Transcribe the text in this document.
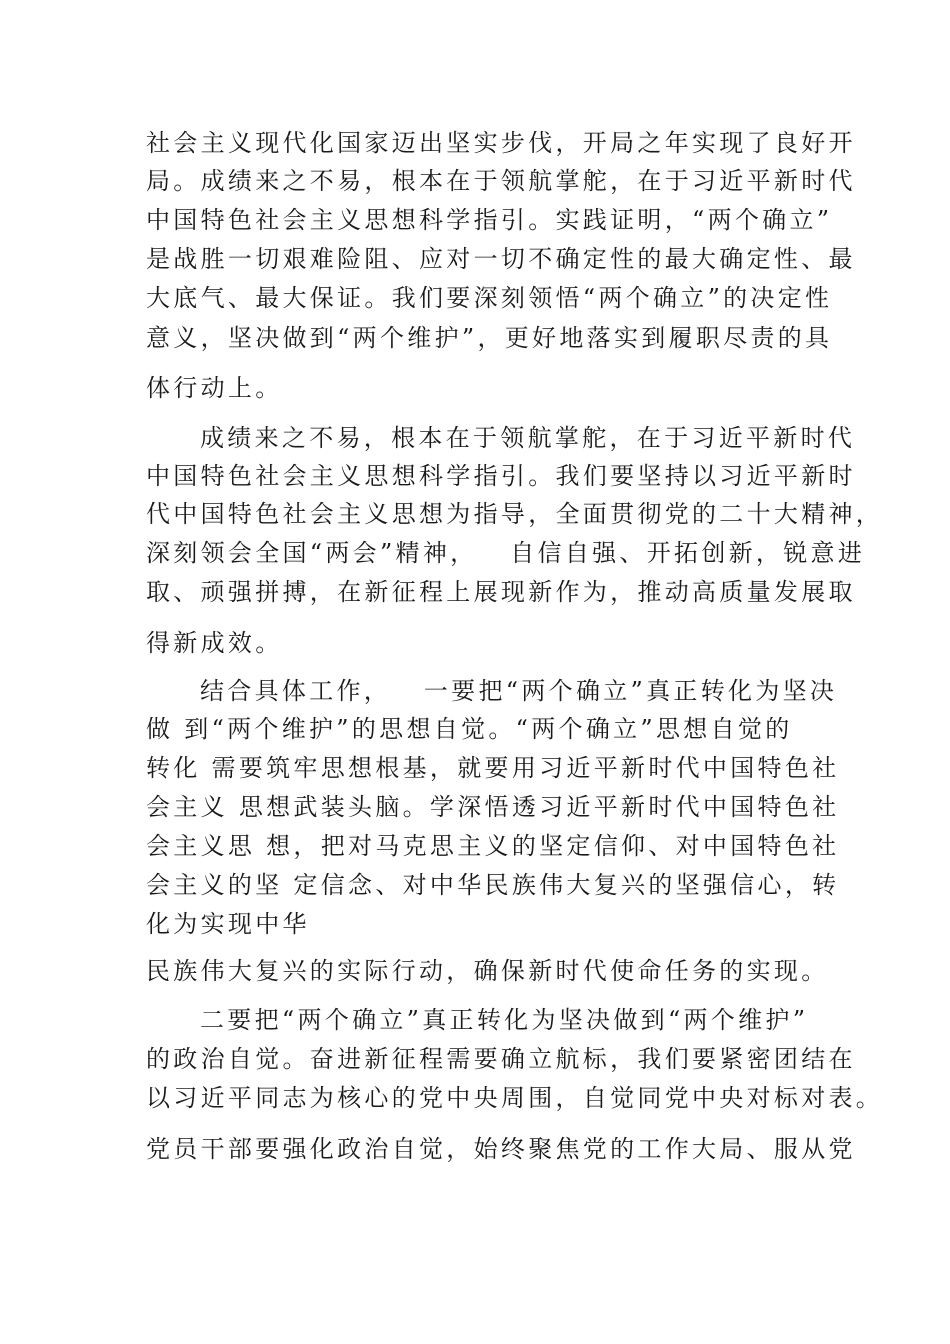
社会主义现代化国家迈出坚实步伐，开局之年实现了良好开
局。成绩来之不易，根本在于领航掌舵，在于习近平新时代
中国特色社会主义思想科学指引。实践证明，“两个确立”
是战胜一切艰难险阻、应对一切不确定性的最大确定性、最
大底气、最大保证。我们要深刻领悟“两个确立”的决定性
意义，坚决做到“两个维护”，更好地落实到履职尽责的具
体行动上。
成绩来之不易，根本在于领航掌舵，在于习近平新时代
中国特色社会主义思想科学指引。我们要坚持以习近平新时
代中国特色社会主义思想为指导，全面贯彻党的二十大精神，
深刻领会全国“两会”精神，   自信自强、开拓创新，锐意进
取、顽强拼搏，在新征程上展现新作为，推动高质量发展取
得新成效。
结合具体工作，   一要把“两个确立”真正转化为坚决
做 到“两个维护”的思想自觉。“两个确立”思想自觉的
转化 需要筑牢思想根基，就要用习近平新时代中国特色社
会主义 思想武装头脑。学深悟透习近平新时代中国特色社
会主义思 想，把对马克思主义的坚定信仰、对中国特色社
会主义的坚 定信念、对中华民族伟大复兴的坚强信心，转
化为实现中华
民族伟大复兴的实际行动，确保新时代使命任务的实现。
二要把“两个确立”真正转化为坚决做到“两个维护”
的政治自觉。奋进新征程需要确立航标，我们要紧密团结在
以习近平同志为核心的党中央周围，自觉同党中央对标对表。
党员干部要强化政治自觉，始终聚焦党的工作大局、服从党
